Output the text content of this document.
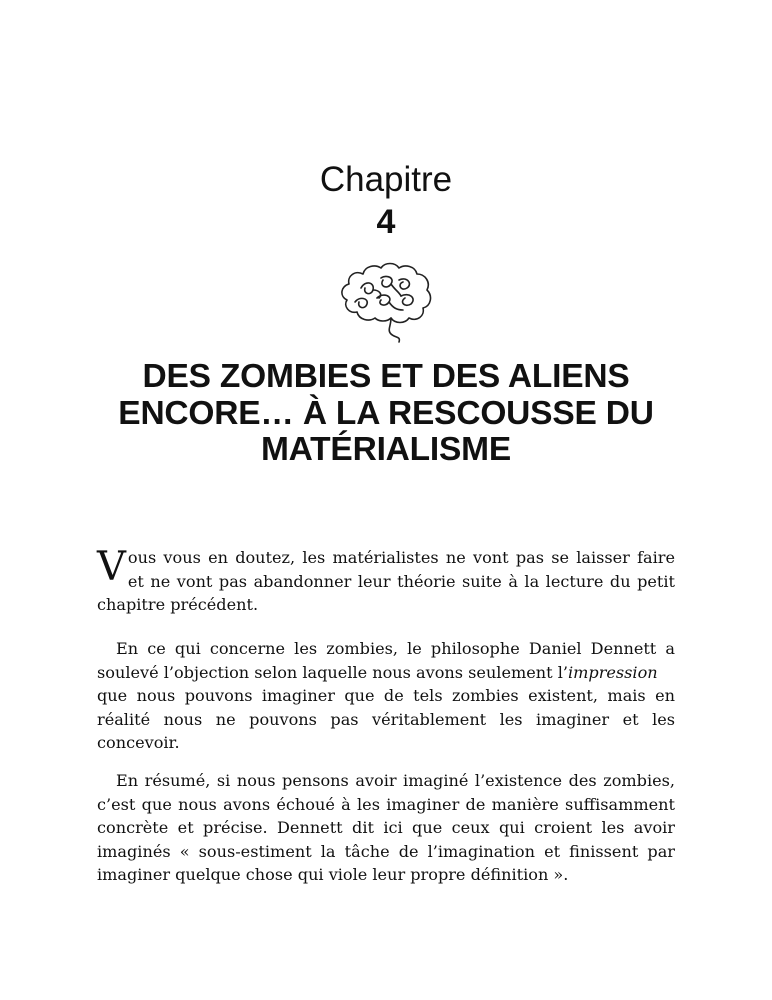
Chapitre
4
DES ZOMBIES ET DES ALIENS
ENCORE… À LA RESCOUSSE DU
MATÉRIALISME
V ous vous en doutez, les matérialistes ne vont pas se laisser faire
et ne vont pas abandonner leur théorie suite à la lecture du petit
chapitre précédent.
En ce qui concerne les zombies, le philosophe Daniel Dennett a
soulevé l’objection selon laquelle nous avons seulement l’impression
que nous pouvons imaginer que de tels zombies existent, mais en
réalité nous ne pouvons pas véritablement les imaginer et les
concevoir.
En résumé, si nous pensons avoir imaginé l’existence des zombies,
c’est que nous avons échoué à les imaginer de manière suffisamment
concrète et précise. Dennett dit ici que ceux qui croient les avoir
imaginés « sous-estiment la tâche de l’imagination et finissent par
imaginer quelque chose qui viole leur propre définition ».
